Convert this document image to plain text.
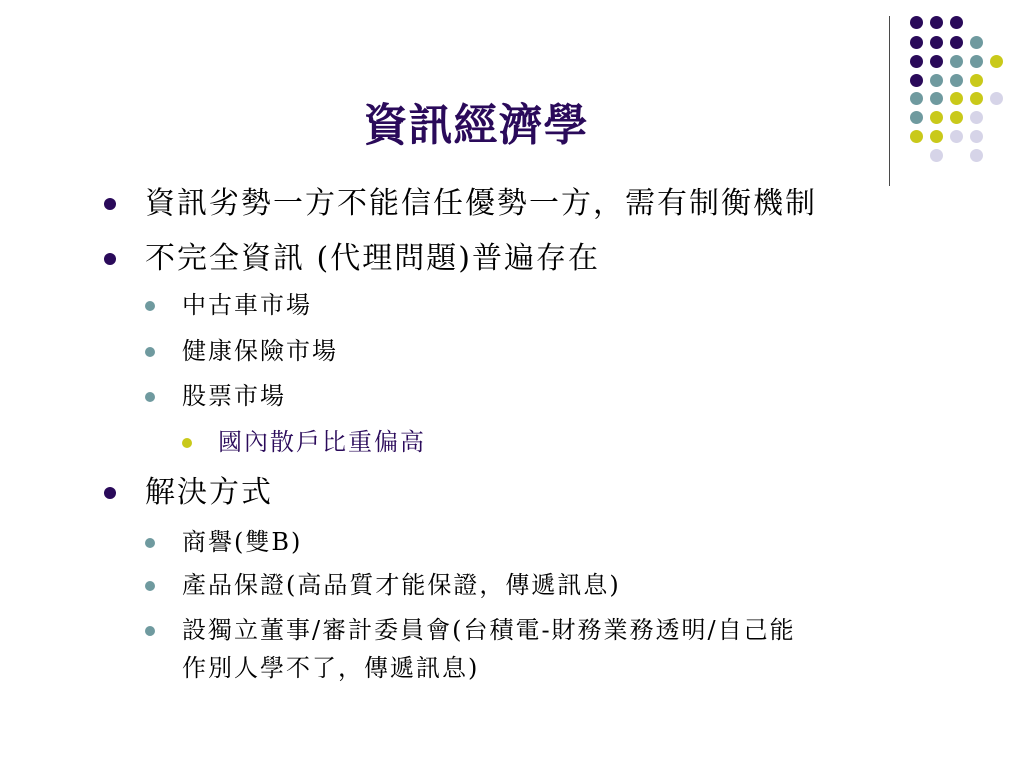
資訊經濟學
資訊劣勢一方不能信任優勢一方，需有制衡機制
不完全資訊 (代理問題)普遍存在
中古車市場
健康保險市場
股票市場
國內散戶比重偏高
解決方式
商譽(雙B)
產品保證(高品質才能保證，傳遞訊息)
設獨立董事/審計委員會(台積電-財務業務透明/自己能
作別人學不了，傳遞訊息)
